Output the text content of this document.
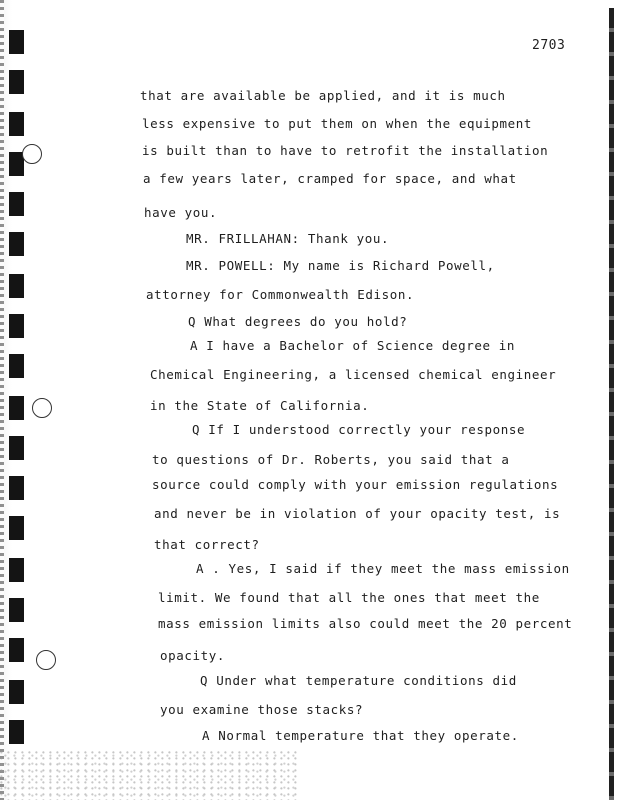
2703
that are available be applied, and it is much
less expensive to put them on when the equipment
is built than to have to retrofit the installation
a few years later, cramped for space, and what
have you.
MR. FRILLAHAN: Thank you.
MR. POWELL: My name is Richard Powell,
attorney for Commonwealth Edison.
Q What degrees do you hold?
A I have a Bachelor of Science degree in
Chemical Engineering, a licensed chemical engineer
in the State of California.
Q If I understood correctly your response
to questions of Dr. Roberts, you said that a
source could comply with your emission regulations
and never be in violation of your opacity test, is
that correct?
A . Yes, I said if they meet the mass emission
limit. We found that all the ones that meet the
mass emission limits also could meet the 20 percent
opacity.
Q Under what temperature conditions did
you examine those stacks?
A Normal temperature that they operate.
